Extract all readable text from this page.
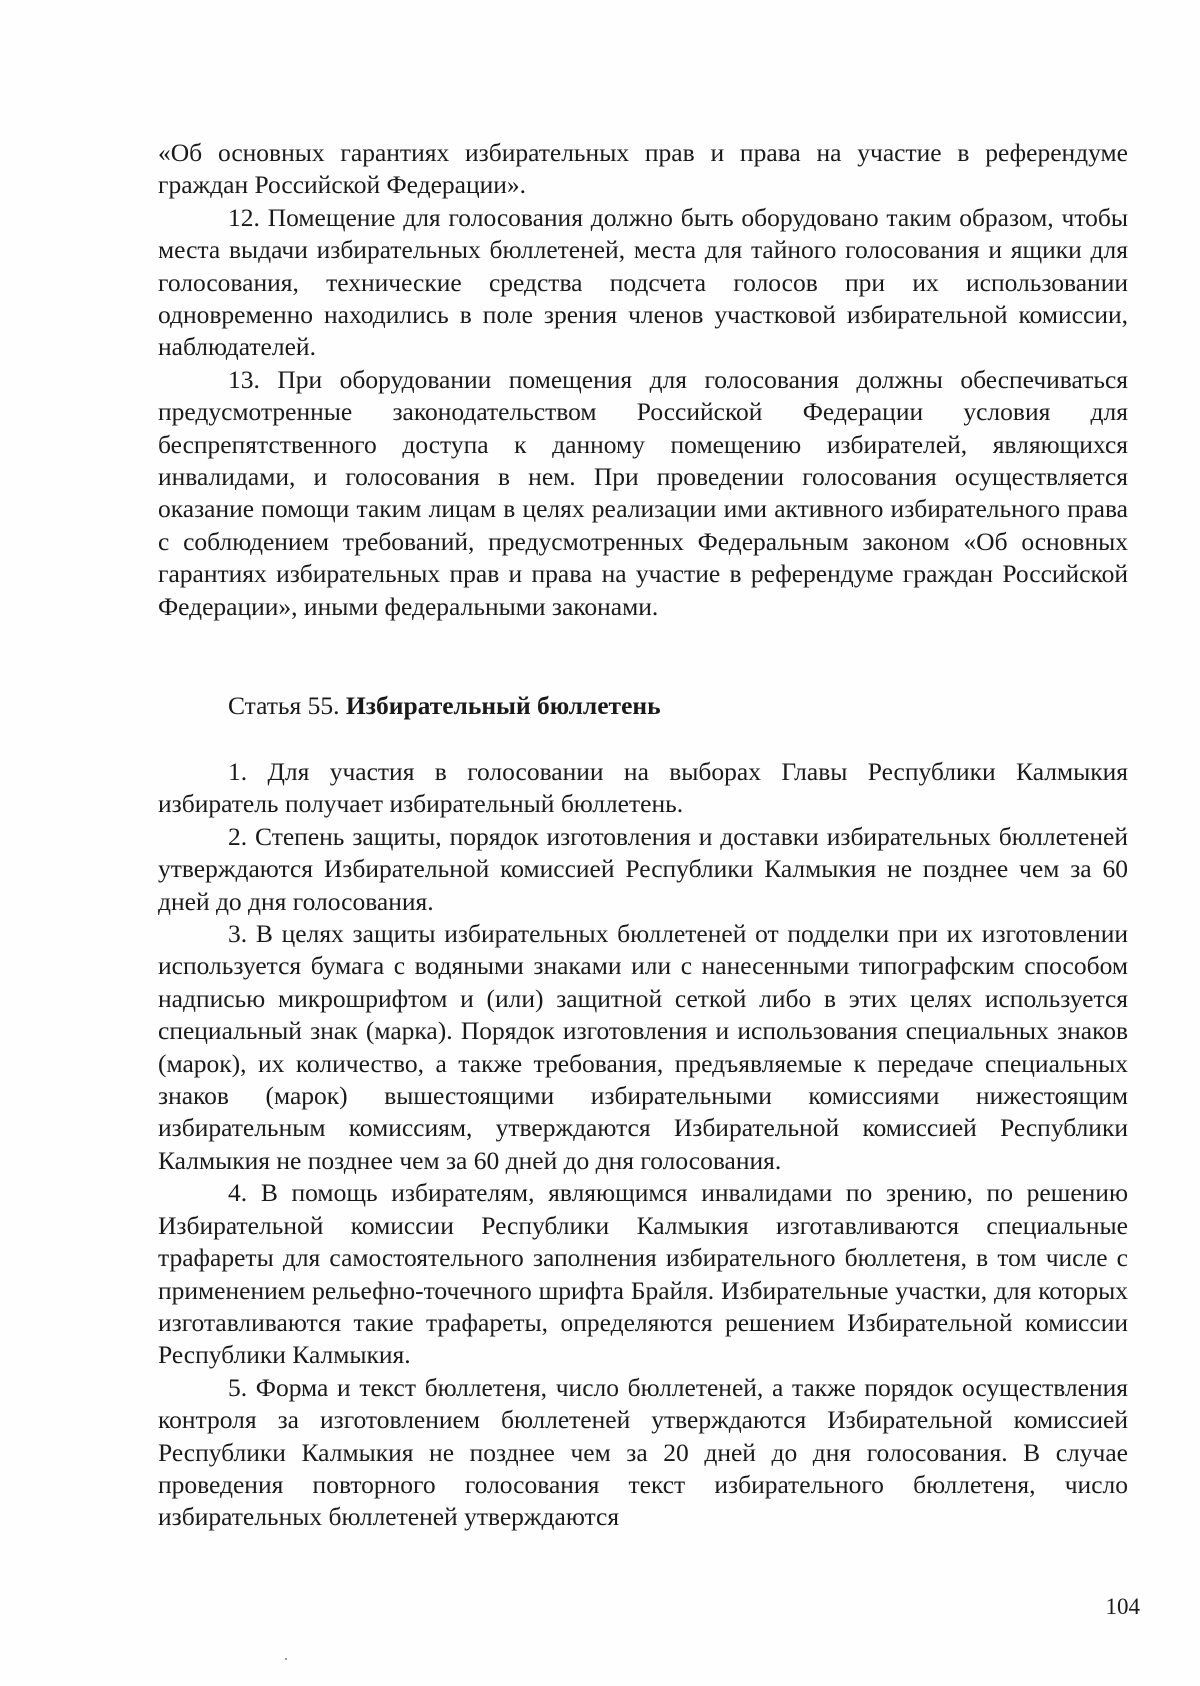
«Об основных гарантиях избирательных прав и права на участие в референдуме граждан Российской Федерации».

12. Помещение для голосования должно быть оборудовано таким образом, чтобы места выдачи избирательных бюллетеней, места для тайного голосования и ящики для голосования, технические средства подсчета голосов при их использовании одновременно находились в поле зрения членов участковой избирательной комиссии, наблюдателей.

13. При оборудовании помещения для голосования должны обеспечиваться предусмотренные законодательством Российской Федерации условия для беспрепятственного доступа к данному помещению избирателей, являющихся инвалидами, и голосования в нем. При проведении голосования осуществляется оказание помощи таким лицам в целях реализации ими активного избирательного права с соблюдением требований, предусмотренных Федеральным законом «Об основных гарантиях избирательных прав и права на участие в референдуме граждан Российской Федерации», иными федеральными законами.

Статья 55. Избирательный бюллетень

1. Для участия в голосовании на выборах Главы Республики Калмыкия избиратель получает избирательный бюллетень.

2. Степень защиты, порядок изготовления и доставки избирательных бюллетеней утверждаются Избирательной комиссией Республики Калмыкия не позднее чем за 60 дней до дня голосования.

3. В целях защиты избирательных бюллетеней от подделки при их изготовлении используется бумага с водяными знаками или с нанесенными типографским способом надписью микрошрифтом и (или) защитной сеткой либо в этих целях используется специальный знак (марка). Порядок изготовления и использования специальных знаков (марок), их количество, а также требования, предъявляемые к передаче специальных знаков (марок) вышестоящими избирательными комиссиями нижестоящим избирательным комиссиям, утверждаются Избирательной комиссией Республики Калмыкия не позднее чем за 60 дней до дня голосования.

4. В помощь избирателям, являющимся инвалидами по зрению, по решению Избирательной комиссии Республики Калмыкия изготавливаются специальные трафареты для самостоятельного заполнения избирательного бюллетеня, в том числе с применением рельефно-точечного шрифта Брайля. Избирательные участки, для которых изготавливаются такие трафареты, определяются решением Избирательной комиссии Республики Калмыкия.

5. Форма и текст бюллетеня, число бюллетеней, а также порядок осуществления контроля за изготовлением бюллетеней утверждаются Избирательной комиссией Республики Калмыкия не позднее чем за 20 дней до дня голосования. В случае проведения повторного голосования текст избирательного бюллетеня, число избирательных бюллетеней утверждаются

104
